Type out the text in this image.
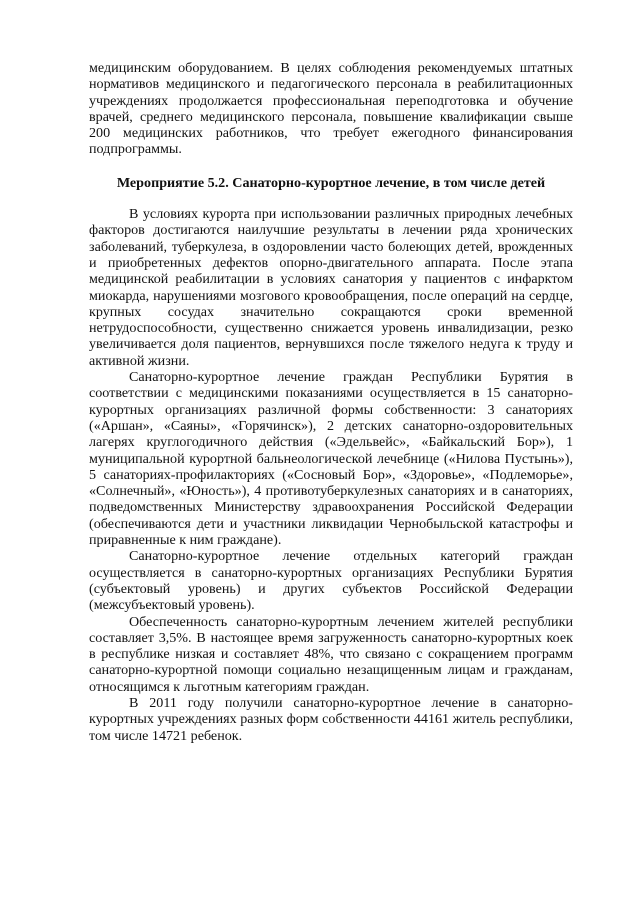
медицинским оборудованием. В целях соблюдения рекомендуемых штатных нормативов медицинского и педагогического персонала в реабилитационных учреждениях продолжается профессиональная переподготовка и обучение врачей, среднего медицинского персонала, повышение квалификации свыше 200 медицинских работников, что требует ежегодного финансирования подпрограммы.

Мероприятие 5.2. Санаторно-курортное лечение, в том числе детей

В условиях курорта при использовании различных природных лечебных факторов достигаются наилучшие результаты в лечении ряда хронических заболеваний, туберкулеза, в оздоровлении часто болеющих детей, врожденных и приобретенных дефектов опорно-двигательного аппарата. После этапа медицинской реабилитации в условиях санатория у пациентов с инфарктом миокарда, нарушениями мозгового кровообращения, после операций на сердце, крупных сосудах значительно сокращаются сроки временной нетрудоспособности, существенно снижается уровень инвалидизации, резко увеличивается доля пациентов, вернувшихся после тяжелого недуга к труду и активной жизни.

Санаторно-курортное лечение граждан Республики Бурятия в соответствии с медицинскими показаниями осуществляется в 15 санаторно-курортных организациях различной формы собственности: 3 санаториях («Аршан», «Саяны», «Горячинск»), 2 детских санаторно-оздоровительных лагерях круглогодичного действия («Эдельвейс», «Байкальский Бор»), 1 муниципальной курортной бальнеологической лечебнице («Нилова Пустынь»), 5 санаториях-профилакториях («Сосновый Бор», «Здоровье», «Подлеморье», «Солнечный», «Юность»), 4 противотуберкулезных санаториях и в санаториях, подведомственных Министерству здравоохранения Российской Федерации (обеспечиваются дети и участники ликвидации Чернобыльской катастрофы и приравненные к ним граждане).

Санаторно-курортное лечение отдельных категорий граждан осуществляется в санаторно-курортных организациях Республики Бурятия (субъектовый уровень) и других субъектов Российской Федерации (межсубъектовый уровень).

Обеспеченность санаторно-курортным лечением жителей республики составляет 3,5%. В настоящее время загруженность санаторно-курортных коек в республике низкая и составляет 48%, что связано с сокращением программ санаторно-курортной помощи социально незащищенным лицам и гражданам, относящимся к льготным категориям граждан.

В 2011 году получили санаторно-курортное лечение в санаторно-курортных учреждениях разных форм собственности 44161 житель республики, том числе 14721 ребенок.
